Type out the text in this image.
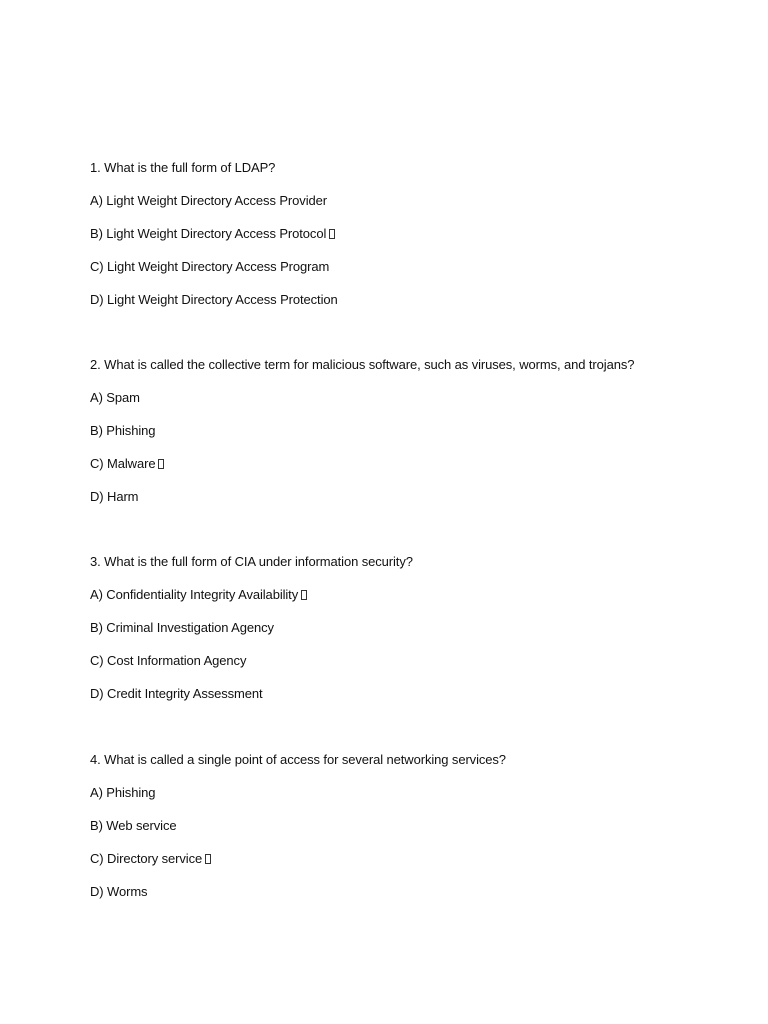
1. What is the full form of LDAP?
A) Light Weight Directory Access Provider
B) Light Weight Directory Access Protocol
C) Light Weight Directory Access Program
D) Light Weight Directory Access Protection
2. What is called the collective term for malicious software, such as viruses, worms, and trojans?
A) Spam
B) Phishing
C) Malware
D) Harm
3. What is the full form of CIA under information security?
A) Confidentiality Integrity Availability
B) Criminal Investigation Agency
C) Cost Information Agency
D) Credit Integrity Assessment
4. What is called a single point of access for several networking services?
A) Phishing
B) Web service
C) Directory service
D) Worms
